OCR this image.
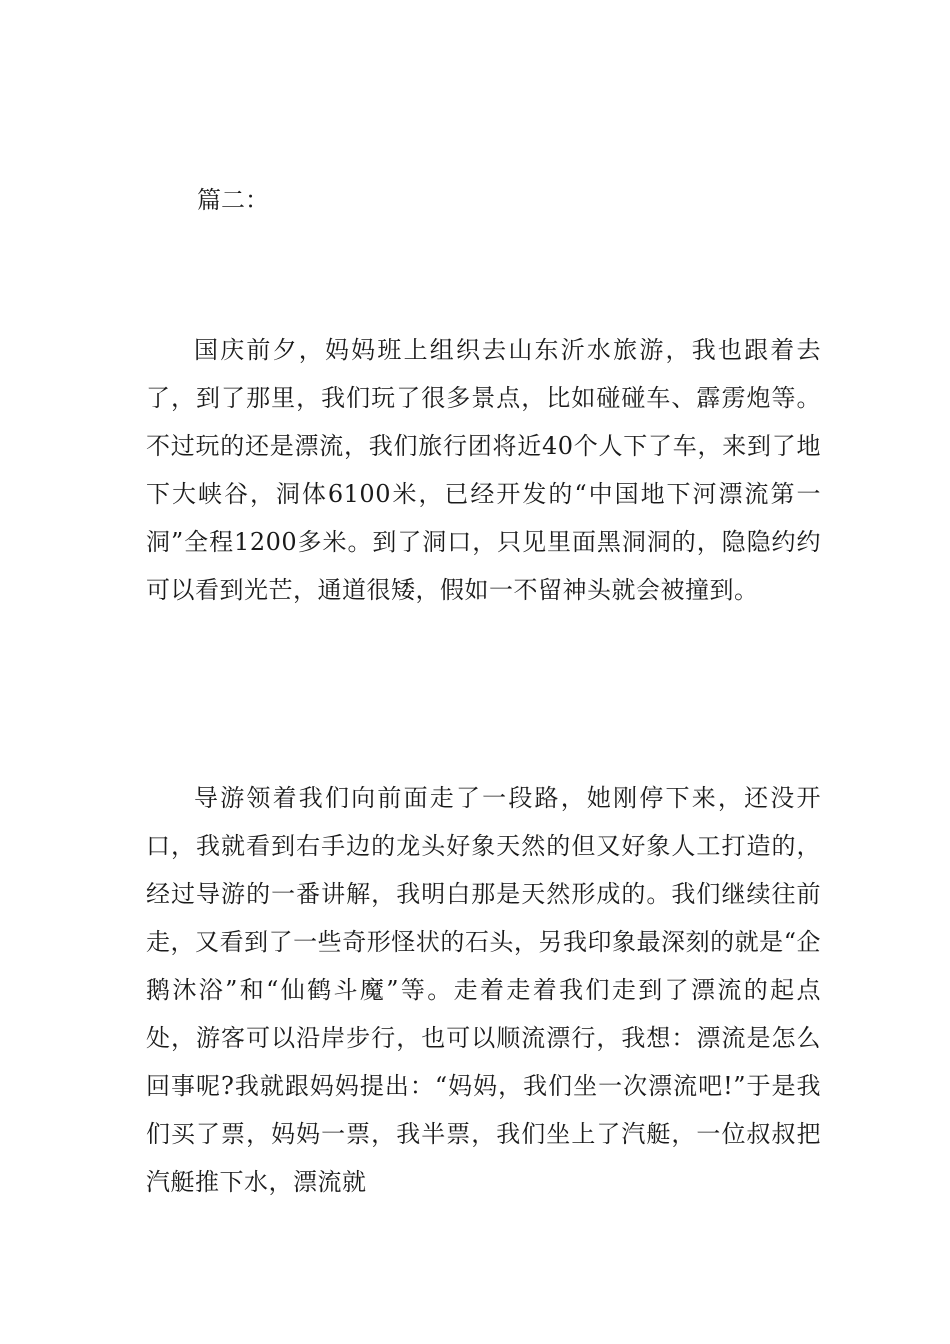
篇二：

国庆前夕，妈妈班上组织去山东沂水旅游，我也跟着去了，到了那里，我们玩了很多景点，比如碰碰车、霹雳炮等。不过玩的还是漂流，我们旅行团将近40个人下了车，来到了地下大峡谷，洞体6100米，已经开发的“中国地下河漂流第一洞”全程1200多米。到了洞口，只见里面黑洞洞的，隐隐约约可以看到光芒，通道很矮，假如一不留神头就会被撞到。

导游领着我们向前面走了一段路，她刚停下来，还没开口，我就看到右手边的龙头好象天然的但又好象人工打造的，经过导游的一番讲解，我明白那是天然形成的。我们继续往前走，又看到了一些奇形怪状的石头，另我印象最深刻的就是“企鹅沐浴”和“仙鹤斗魔”等。走着走着我们走到了漂流的起点处，游客可以沿岸步行，也可以顺流漂行，我想：漂流是怎么回事呢?我就跟妈妈提出：“妈妈，我们坐一次漂流吧!”于是我们买了票，妈妈一票，我半票，我们坐上了汽艇，一位叔叔把汽艇推下水，漂流就
